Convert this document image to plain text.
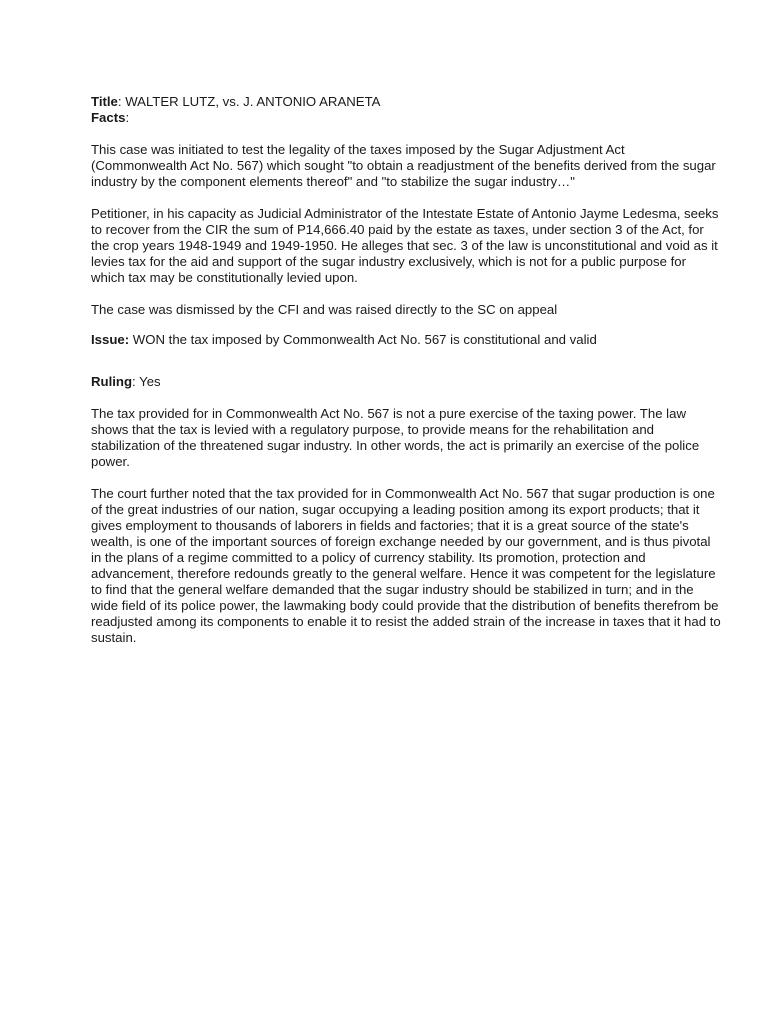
Title: WALTER LUTZ, vs. J. ANTONIO ARANETA

Facts:

This case was initiated to test the legality of the taxes imposed by the Sugar Adjustment Act (Commonwealth Act No. 567) which sought "to obtain a readjustment of the benefits derived from the sugar industry by the component elements thereof" and "to stabilize the sugar industry…"

Petitioner, in his capacity as Judicial Administrator of the Intestate Estate of Antonio Jayme Ledesma, seeks to recover from the CIR the sum of P14,666.40 paid by the estate as taxes, under section 3 of the Act, for the crop years 1948-1949 and 1949-1950. He alleges that sec. 3 of the law is unconstitutional and void as it levies tax for the aid and support of the sugar industry exclusively, which is not for a public purpose for which tax may be constitutionally levied upon.

The case was dismissed by the CFI and was raised directly to the SC on appeal

Issue: WON the tax imposed by Commonwealth Act No. 567 is constitutional and valid

Ruling: Yes

The tax provided for in Commonwealth Act No. 567 is not a pure exercise of the taxing power. The law shows that the tax is levied with a regulatory purpose, to provide means for the rehabilitation and stabilization of the threatened sugar industry. In other words, the act is primarily an exercise of the police power.

The court further noted that the tax provided for in Commonwealth Act No. 567 that sugar production is one of the great industries of our nation, sugar occupying a leading position among its export products; that it gives employment to thousands of laborers in fields and factories; that it is a great source of the state's wealth, is one of the important sources of foreign exchange needed by our government, and is thus pivotal in the plans of a regime committed to a policy of currency stability. Its promotion, protection and advancement, therefore redounds greatly to the general welfare. Hence it was competent for the legislature to find that the general welfare demanded that the sugar industry should be stabilized in turn; and in the wide field of its police power, the lawmaking body could provide that the distribution of benefits therefrom be readjusted among its components to enable it to resist the added strain of the increase in taxes that it had to sustain.
